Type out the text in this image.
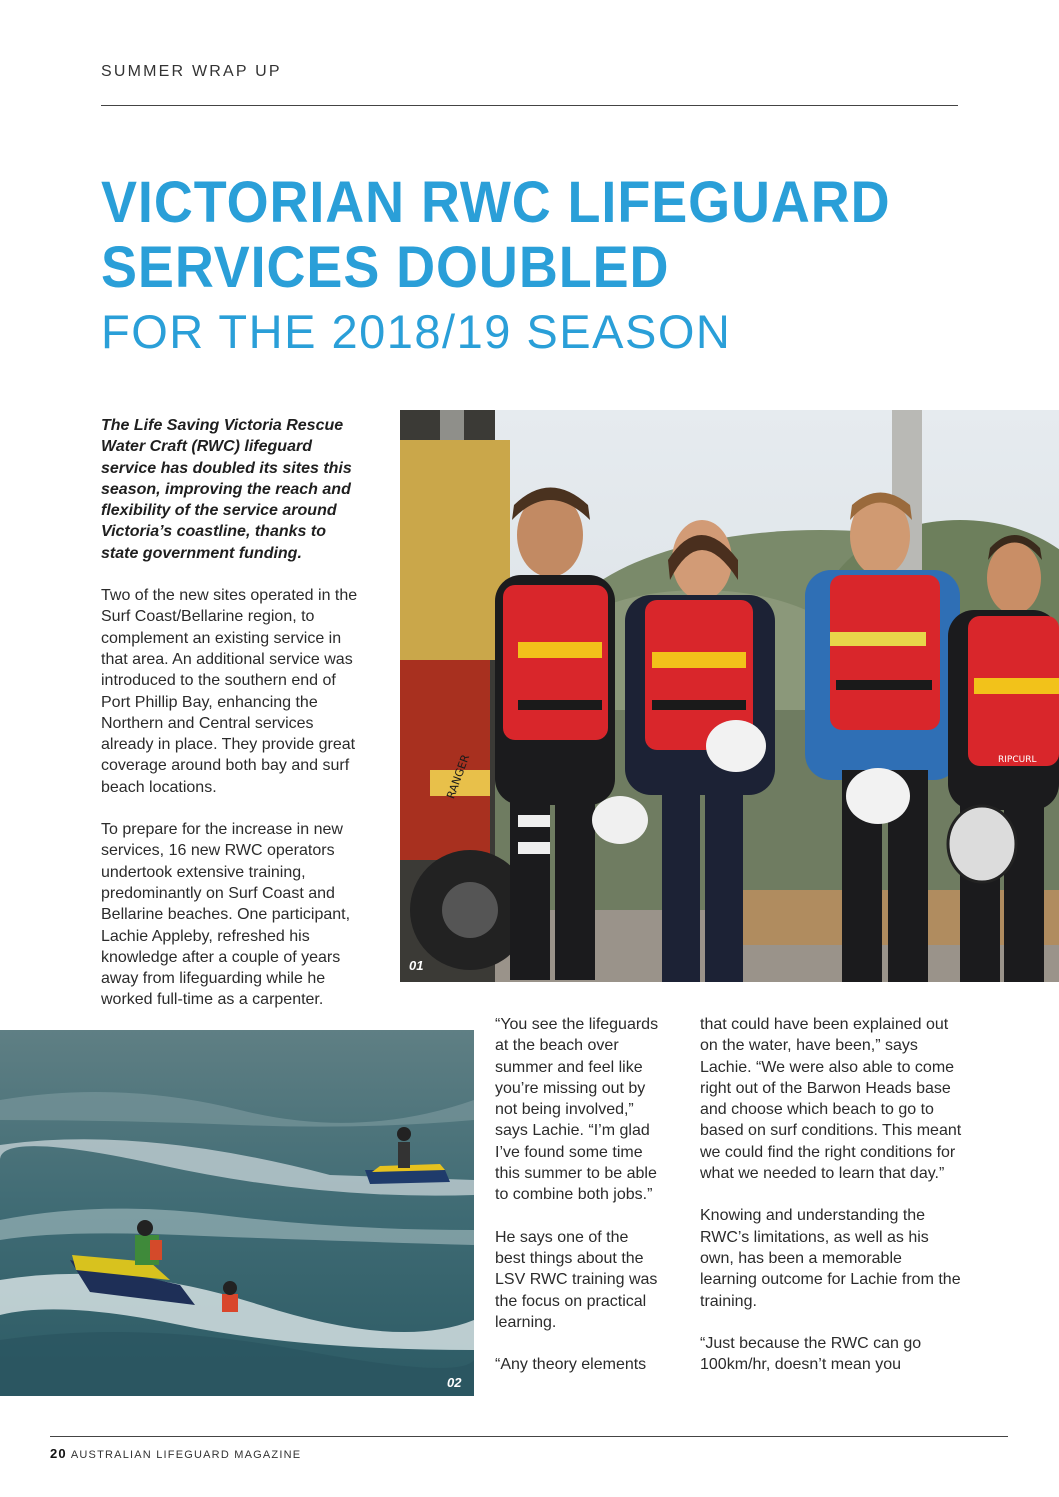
SUMMER WRAP UP
VICTORIAN RWC LIFEGUARD
SERVICES DOUBLED
FOR THE 2018/19 SEASON

The Life Saving Victoria Rescue Water Craft (RWC) lifeguard service has doubled its sites this season, improving the reach and flexibility of the service around Victoria’s coastline, thanks to state government funding.

Two of the new sites operated in the Surf Coast/Bellarine region, to complement an existing service in that area. An additional service was introduced to the southern end of Port Phillip Bay, enhancing the Northern and Central services already in place. They provide great coverage around both bay and surf beach locations.

To prepare for the increase in new services, 16 new RWC operators undertook extensive training, predominantly on Surf Coast and Bellarine beaches. One participant, Lachie Appleby, refreshed his knowledge after a couple of years away from lifeguarding while he worked full-time as a carpenter.

RANGER	RIPCURL
01
02

“You see the lifeguards at the beach over summer and feel like you’re missing out by not being involved,” says Lachie. “I’m glad I’ve found some time this summer to be able to combine both jobs.”

He says one of the best things about the LSV RWC training was the focus on practical learning.

“Any theory elements

that could have been explained out on the water, have been,” says Lachie. “We were also able to come right out of the Barwon Heads base and choose which beach to go to based on surf conditions. This meant we could find the right conditions for what we needed to learn that day.”

Knowing and understanding the RWC’s limitations, as well as his own, has been a memorable learning outcome for Lachie from the training.

“Just because the RWC can go 100km/hr, doesn’t mean you

20 AUSTRALIAN LIFEGUARD MAGAZINE
